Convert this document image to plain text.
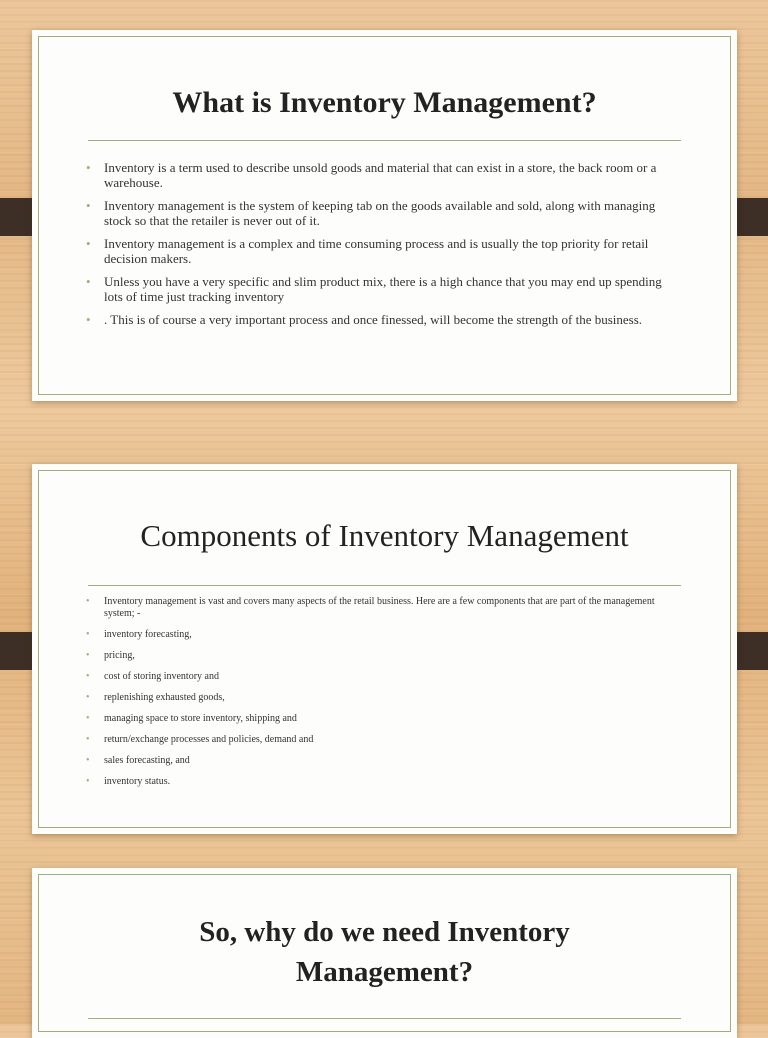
What is Inventory Management?
• Inventory is a term used to describe unsold goods and material that can exist in a store, the back room or a warehouse.
• Inventory management is the system of keeping tab on the goods available and sold, along with managing stock so that the retailer is never out of it.
• Inventory management is a complex and time consuming process and is usually the top priority for retail decision makers.
• Unless you have a very specific and slim product mix, there is a high chance that you may end up spending lots of time just tracking inventory
• . This is of course a very important process and once finessed, will become the strength of the business.
Components of Inventory Management
• Inventory management is vast and covers many aspects of the retail business. Here are a few components that are part of the management system; -
• inventory forecasting,
• pricing,
• cost of storing inventory and
• replenishing exhausted goods,
• managing space to store inventory, shipping and
• return/exchange processes and policies, demand and
• sales forecasting, and
• inventory status.
So, why do we need Inventory Management?
